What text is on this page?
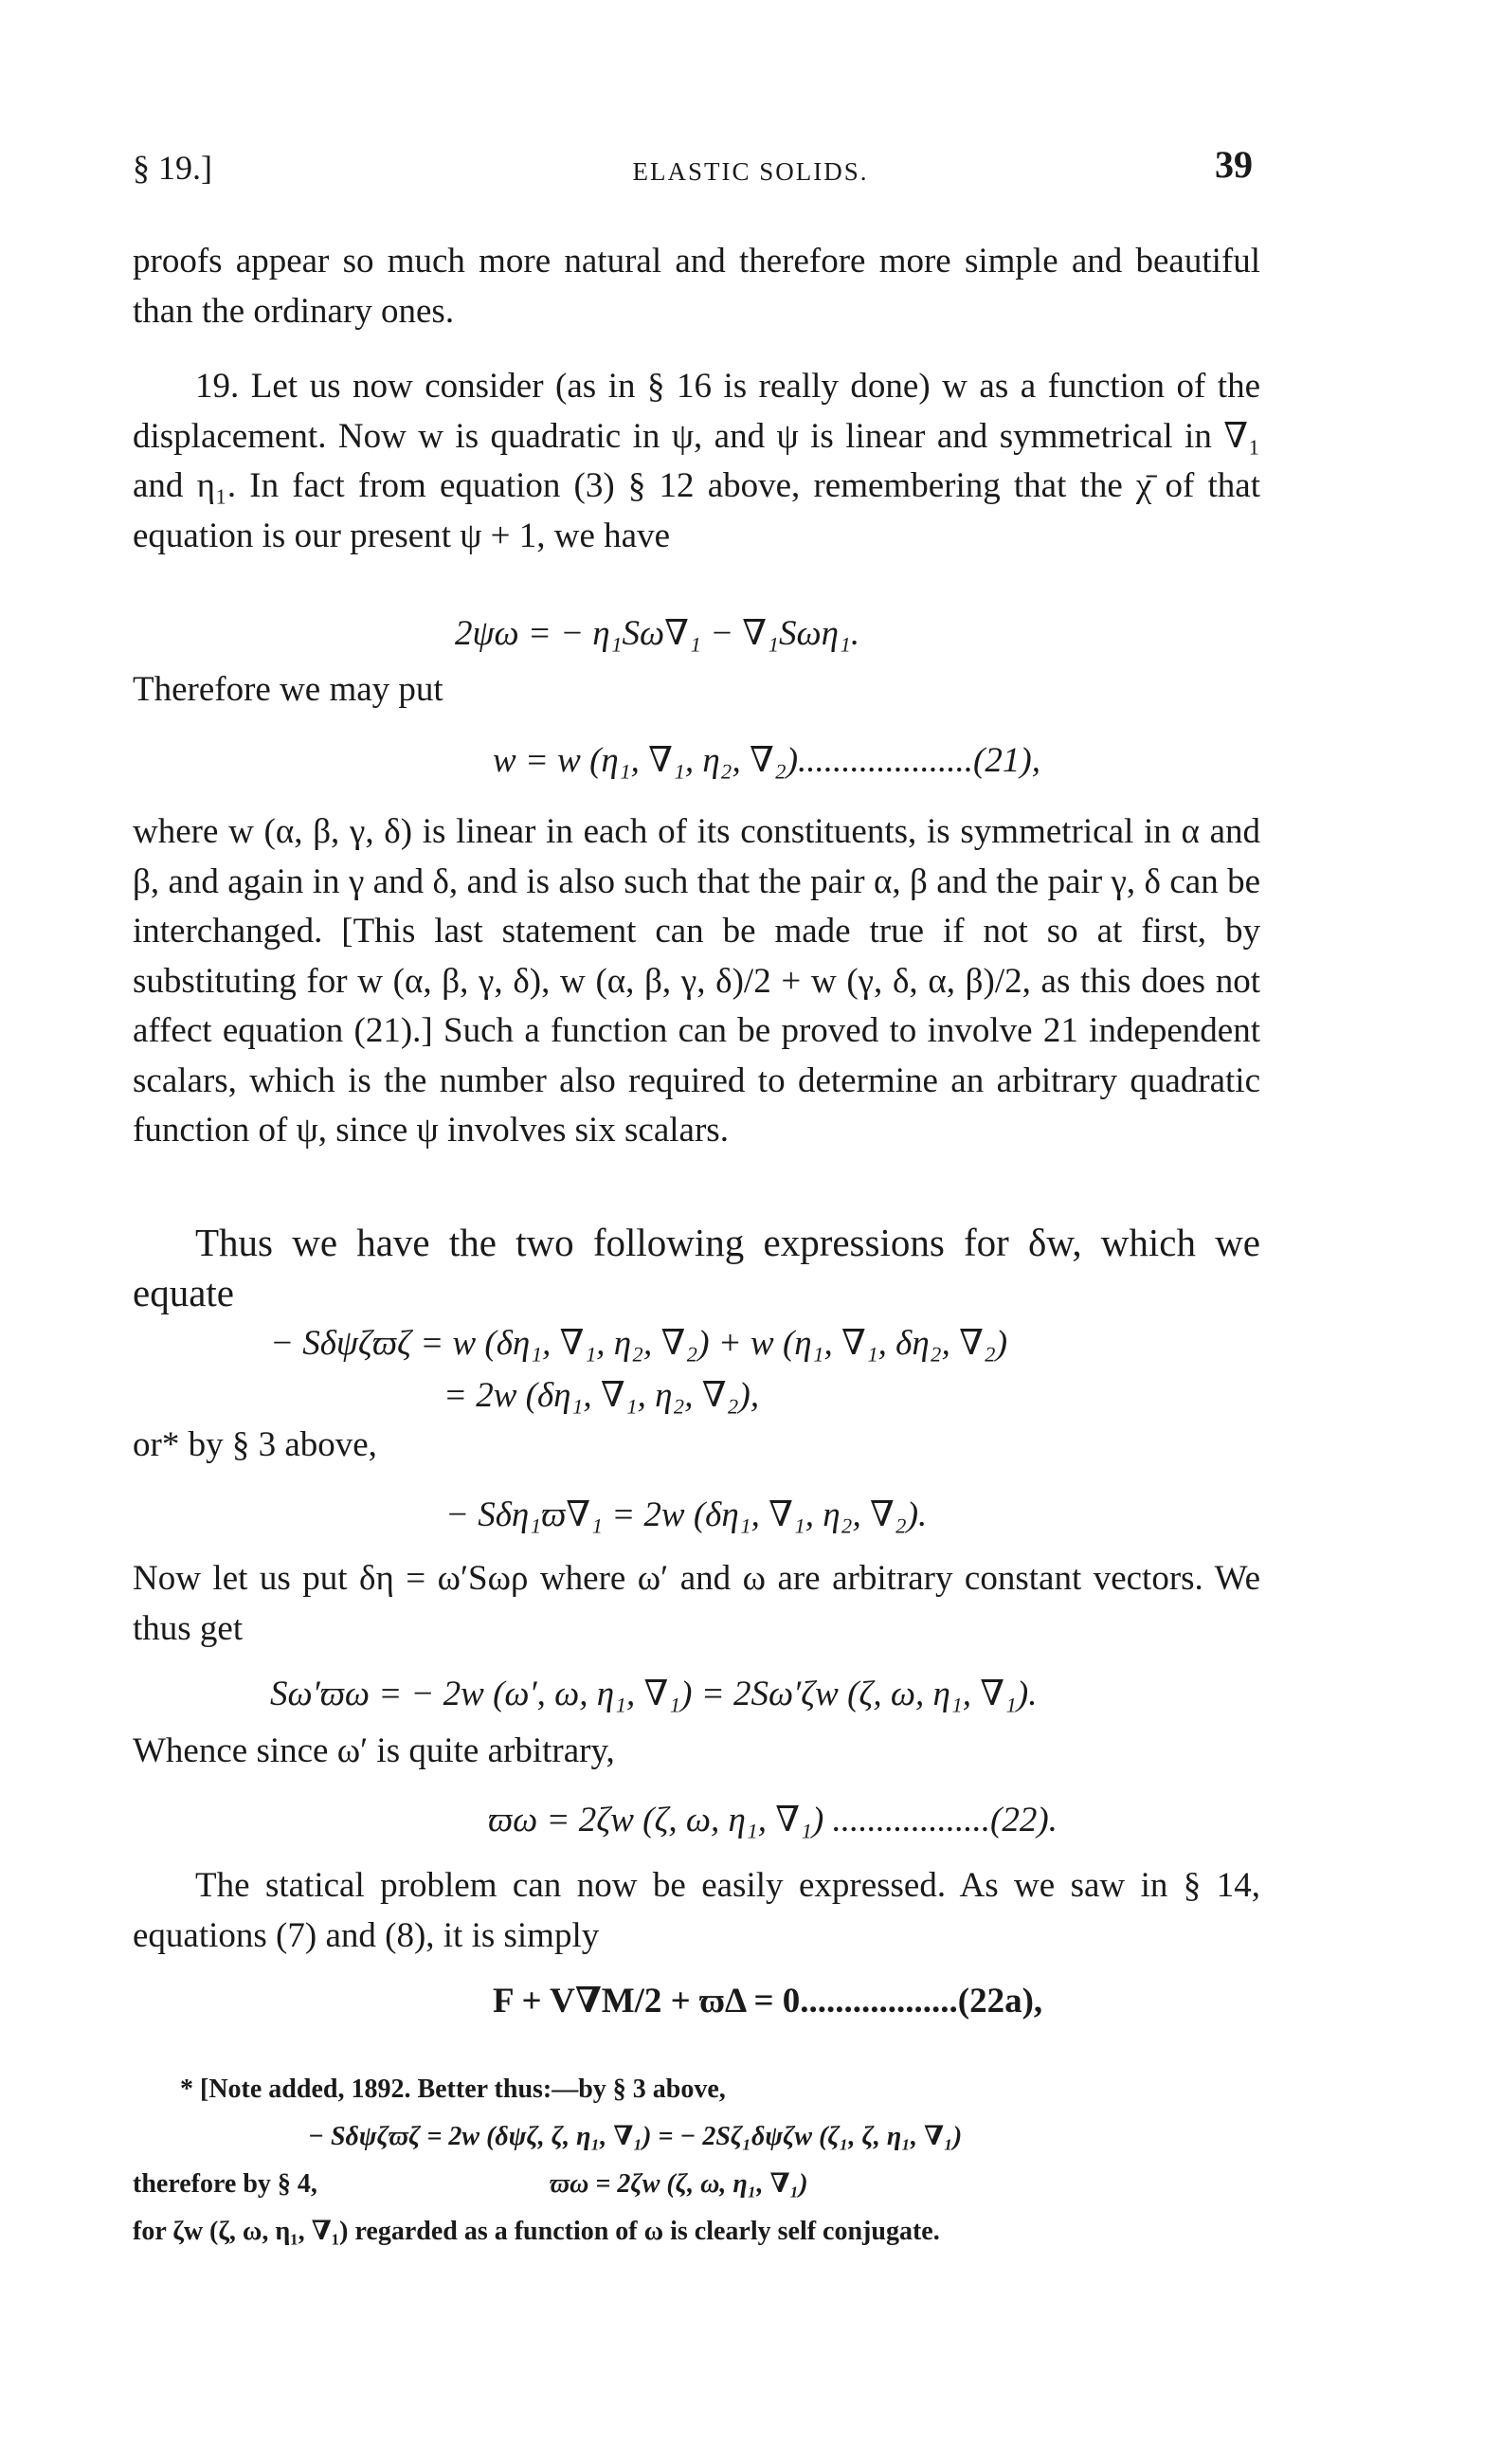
§ 19.]	ELASTIC SOLIDS.	39

proofs appear so much more natural and therefore more simple and beautiful than the ordinary ones.

19. Let us now consider (as in § 16 is really done) w as a function of the displacement. Now w is quadratic in ψ, and ψ is linear and symmetrical in ∇₁ and η₁. In fact from equation (3) § 12 above, remembering that the χ̄ of that equation is our present ψ + 1, we have

2ψω = − η₁Sω∇₁ − ∇₁Sωη₁.
Therefore we may put
w = w (η₁, ∇₁, η₂, ∇₂)....................(21),

where w (α, β, γ, δ) is linear in each of its constituents, is symmetrical in α and β, and again in γ and δ, and is also such that the pair α, β and the pair γ, δ can be interchanged. [This last statement can be made true if not so at first, by substituting for w (α, β, γ, δ), w (α, β, γ, δ)/2 + w (γ, δ, α, β)/2, as this does not affect equation (21).] Such a function can be proved to involve 21 independent scalars, which is the number also required to determine an arbitrary quadratic function of ψ, since ψ involves six scalars.

Thus we have the two following expressions for δw, which we equate

− Sδψζϖζ = w (δη₁, ∇₁, η₂, ∇₂) + w (η₁, ∇₁, δη₂, ∇₂)
= 2w (δη₁, ∇₁, η₂, ∇₂),
or* by § 3 above,
− Sδη₁ϖ∇₁ = 2w (δη₁, ∇₁, η₂, ∇₂).

Now let us put δη = ω′Sωρ where ω′ and ω are arbitrary constant vectors. We thus get

Sω′ϖω = − 2w (ω′, ω, η₁, ∇₁) = 2Sω′ζw (ζ, ω, η₁, ∇₁).
Whence since ω′ is quite arbitrary,
ϖω = 2ζw (ζ, ω, η₁, ∇₁) ..................(22).

The statical problem can now be easily expressed. As we saw in § 14, equations (7) and (8), it is simply

F + V∇M/2 + ϖΔ = 0..................(22a),
* [Note added, 1892. Better thus:—by § 3 above,
− Sδψζϖζ = 2w (δψζ, ζ, η₁, ∇₁) = − 2Sζ₁δψζw (ζ₁, ζ, η₁, ∇₁)
therefore by § 4,	ϖω = 2ζw (ζ, ω, η₁, ∇₁)
for ζw (ζ, ω, η₁, ∇₁) regarded as a function of ω is clearly self conjugate.
